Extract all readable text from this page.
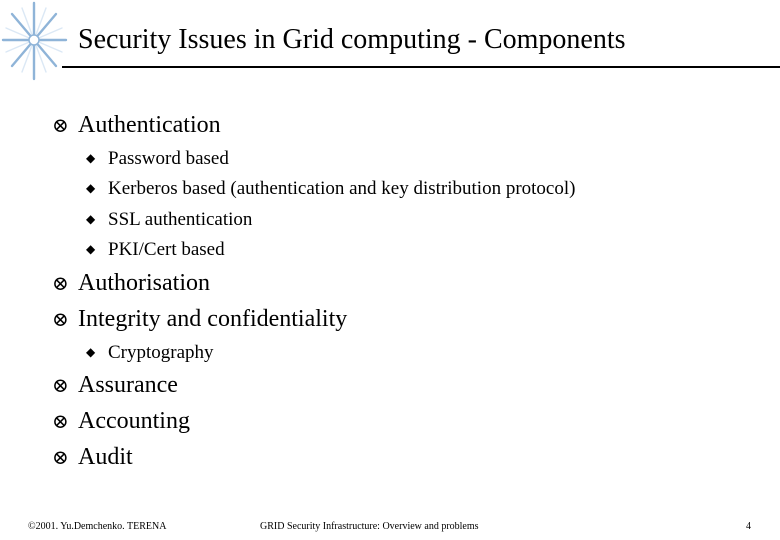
Security Issues in Grid computing - Components
⊗ Authentication
◆ Password based
◆ Kerberos based (authentication and key distribution protocol)
◆ SSL authentication
◆ PKI/Cert based
⊗ Authorisation
⊗ Integrity and confidentiality
◆ Cryptography
⊗ Assurance
⊗ Accounting
⊗ Audit
©2001. Yu.Demchenko. TERENA	GRID Security Infrastructure: Overview and problems	4
